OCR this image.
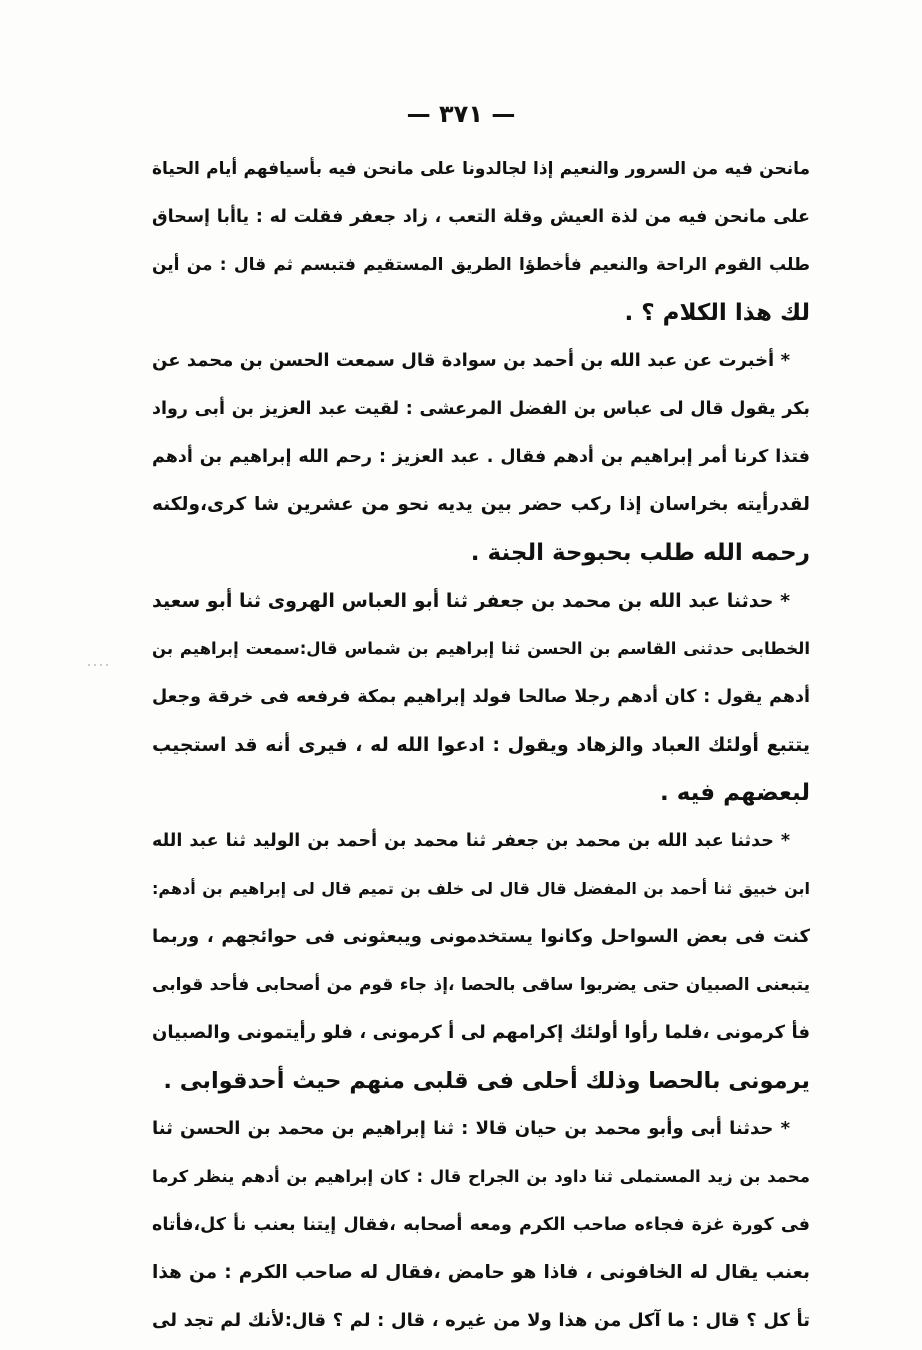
— ٣٧١ —
مانحن فيه من السرور والنعيم إذا لجالدونا على مانحن فيه بأسيافهم أيام الحياة
على مانحن فيه من لذة العيش وقلة التعب ، زاد جعفر فقلت له : ياأبا إسحاق
طلب القوم الراحة والنعيم فأخطؤا الطريق المستقيم فتبسم ثم قال : من أين
لك هذا الكلام ؟ .
* أخبرت عن عبد الله بن أحمد بن سوادة قال سمعت الحسن بن محمد عن
بكر يقول قال لى عباس بن الفضل المرعشى : لقيت عبد العزيز بن أبى رواد
فتذا كرنا أمر إبراهيم بن أدهم فقال . عبد العزيز : رحم الله إبراهيم بن أدهم
لقدرأيته بخراسان إذا ركب حضر بين يديه نحو من عشرين شا كرى،ولكنه
رحمه الله طلب بحبوحة الجنة .
* حدثنا عبد الله بن محمد بن جعفر ثنا أبو العباس الهروى ثنا أبو سعيد
الخطابى حدثنى القاسم بن الحسن ثنا إبراهيم بن شماس قال:سمعت إبراهيم بن
أدهم يقول : كان أدهم رجلا صالحا فولد إبراهيم بمكة فرفعه فى خرقة وجعل
يتتبع أولئك العباد والزهاد ويقول : ادعوا الله له ، فيرى أنه قد استجيب
لبعضهم فيه .
* حدثنا عبد الله بن محمد بن جعفر ثنا محمد بن أحمد بن الوليد ثنا عبد الله
ابن خبيق ثنا أحمد بن المفضل قال قال لى خلف بن تميم قال لى إبراهيم بن أدهم:
كنت فى بعض السواحل وكانوا يستخدمونى ويبعثونى فى حوائجهم ، وربما
يتبعنى الصبيان حتى يضربوا ساقى بالحصا ،إذ جاء قوم من أصحابى فأحد قوابى
فأ كرمونى ،فلما رأوا أولئك إكرامهم لى أ كرمونى ، فلو رأيتمونى والصبيان
يرمونى بالحصا وذلك أحلى فى قلبى منهم حيث أحدقوابى .
* حدثنا أبى وأبو محمد بن حيان قالا : ثنا إبراهيم بن محمد بن الحسن ثنا
محمد بن زيد المستملى ثنا داود بن الجراح قال : كان إبراهيم بن أدهم ينظر كرما
فى كورة غزة فجاءه صاحب الكرم ومعه أصحابه ،فقال إيتنا بعنب نأ كل،فأتاه
بعنب يقال له الخافونى ، فاذا هو حامض ،فقال له صاحب الكرم : من هذا
تأ كل ؟ قال : ما آكل من هذا ولا من غيره ، قال : لم ؟ قال:لأنك لم تجد لى
